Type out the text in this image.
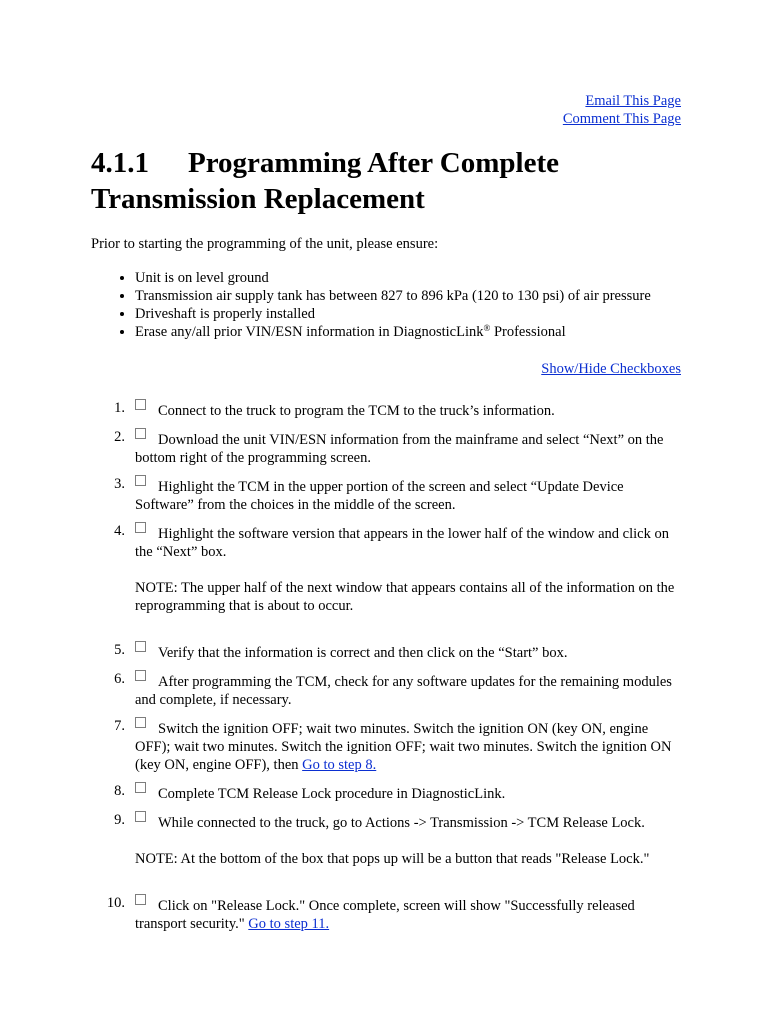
Email This Page
Comment This Page
4.1.1 Programming After Complete Transmission Replacement

Prior to starting the programming of the unit, please ensure:

• Unit is on level ground
• Transmission air supply tank has between 827 to 896 kPa (120 to 130 psi) of air pressure
• Driveshaft is properly installed
• Erase any/all prior VIN/ESN information in DiagnosticLink® Professional
Show/Hide Checkboxes
1. Connect to the truck to program the TCM to the truck’s information.
2. Download the unit VIN/ESN information from the mainframe and select “Next” on the bottom right of the programming screen.
3. Highlight the TCM in the upper portion of the screen and select “Update Device Software” from the choices in the middle of the screen.
4. Highlight the software version that appears in the lower half of the window and click on the “Next” box.
NOTE: The upper half of the next window that appears contains all of the information on the reprogramming that is about to occur.
5. Verify that the information is correct and then click on the “Start” box.
6. After programming the TCM, check for any software updates for the remaining modules and complete, if necessary.
7. Switch the ignition OFF; wait two minutes. Switch the ignition ON (key ON, engine OFF); wait two minutes. Switch the ignition OFF; wait two minutes. Switch the ignition ON (key ON, engine OFF), then Go to step 8.
8. Complete TCM Release Lock procedure in DiagnosticLink.
9. While connected to the truck, go to Actions -> Transmission -> TCM Release Lock.
NOTE: At the bottom of the box that pops up will be a button that reads "Release Lock."
10. Click on "Release Lock." Once complete, screen will show "Successfully released transport security." Go to step 11.
